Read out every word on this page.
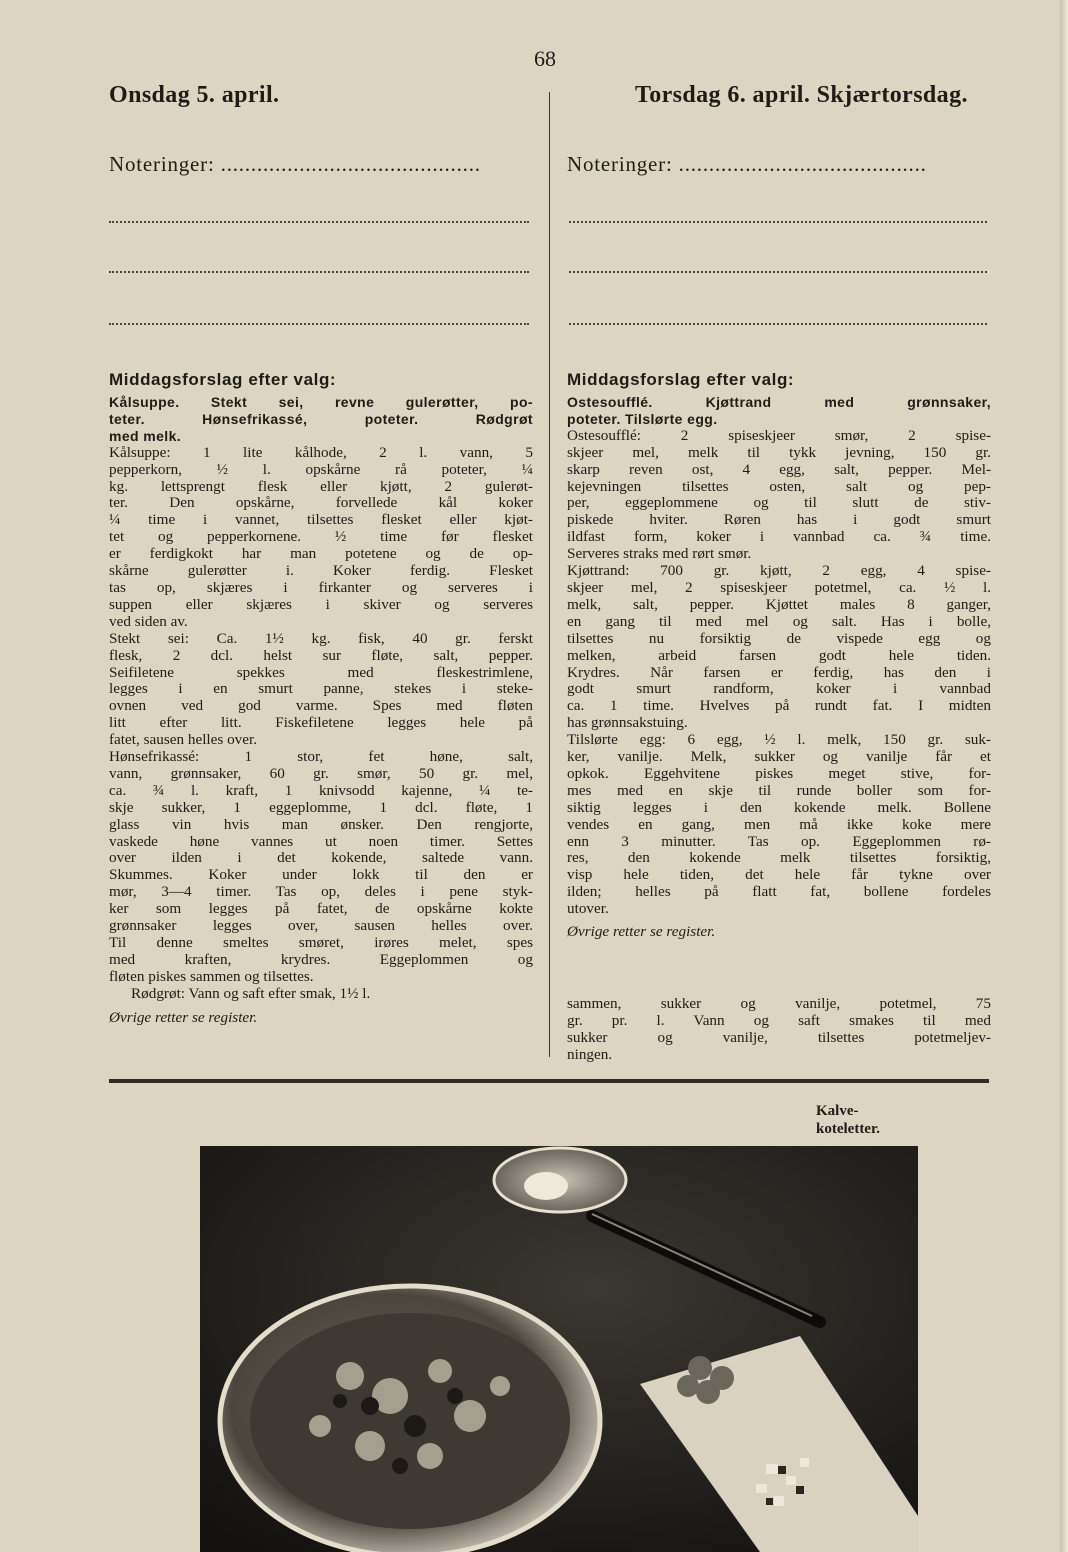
68
Onsdag 5. april.	Torsdag 6. april. Skjærtorsdag.
Noteringer: ...........................................	Noteringer: .........................................
Middagsforslag efter valg:	Middagsforslag efter valg:
Kålsuppe. Stekt sei, revne gulerøtter, po-
teter. Hønsefrikassé, poteter. Rødgrøt
med melk.
Kålsuppe: 1 lite kålhode, 2 l. vann, 5
pepperkorn, ½ l. opskårne rå poteter, ¼
kg. lettsprengt flesk eller kjøtt, 2 gulerøt-
ter. Den opskårne, forvellede kål koker
¼ time i vannet, tilsettes flesket eller kjøt-
tet og pepperkornene. ½ time før flesket
er ferdigkokt har man potetene og de op-
skårne gulerøtter i. Koker ferdig. Flesket
tas op, skjæres i firkanter og serveres i
suppen eller skjæres i skiver og serveres
ved siden av.
Stekt sei: Ca. 1½ kg. fisk, 40 gr. ferskt
flesk, 2 dcl. helst sur fløte, salt, pepper.
Seifiletene spekkes med fleskestrimlene,
legges i en smurt panne, stekes i steke-
ovnen ved god varme. Spes med fløten
litt efter litt. Fiskefiletene legges hele på
fatet, sausen helles over.
Hønsefrikassé: 1 stor, fet høne, salt,
vann, grønnsaker, 60 gr. smør, 50 gr. mel,
ca. ¾ l. kraft, 1 knivsodd kajenne, ¼ te-
skje sukker, 1 eggeplomme, 1 dcl. fløte, 1
glass vin hvis man ønsker. Den rengjorte,
vaskede høne vannes ut noen timer. Settes
over ilden i det kokende, saltede vann.
Skummes. Koker under lokk til den er
mør, 3—4 timer. Tas op, deles i pene styk-
ker som legges på fatet, de opskårne kokte
grønnsaker legges over, sausen helles over.
Til denne smeltes smøret, irøres melet, spes
med kraften, krydres. Eggeplommen og
fløten piskes sammen og tilsettes.
Rødgrøt: Vann og saft efter smak, 1½ l.
Øvrige retter se register.
Ostesoufflé. Kjøttrand med grønnsaker,
poteter. Tilslørte egg.
Ostesoufflé: 2 spiseskjeer smør, 2 spise-
skjeer mel, melk til tykk jevning, 150 gr.
skarp reven ost, 4 egg, salt, pepper. Mel-
kejevningen tilsettes osten, salt og pep-
per, eggeplommene og til slutt de stiv-
piskede hviter. Røren has i godt smurt
ildfast form, koker i vannbad ca. ¾ time.
Serveres straks med rørt smør.
Kjøttrand: 700 gr. kjøtt, 2 egg, 4 spise-
skjeer mel, 2 spiseskjeer potetmel, ca. ½ l.
melk, salt, pepper. Kjøttet males 8 ganger,
en gang til med mel og salt. Has i bolle,
tilsettes nu forsiktig de vispede egg og
melken, arbeid farsen godt hele tiden.
Krydres. Når farsen er ferdig, has den i
godt smurt randform, koker i vannbad
ca. 1 time. Hvelves på rundt fat. I midten
has grønnsakstuing.
Tilslørte egg: 6 egg, ½ l. melk, 150 gr. suk-
ker, vanilje. Melk, sukker og vanilje får et
opkok. Eggehvitene piskes meget stive, for-
mes med en skje til runde boller som for-
siktig legges i den kokende melk. Bollene
vendes en gang, men må ikke koke mere
enn 3 minutter. Tas op. Eggeplommen rø-
res, den kokende melk tilsettes forsiktig,
visp hele tiden, det hele får tykne over
ilden; helles på flatt fat, bollene fordeles
utover.
Øvrige retter se register.
sammen, sukker og vanilje, potetmel, 75
gr. pr. l. Vann og saft smakes til med
sukker og vanilje, tilsettes potetmeljev-
ningen.
Kalve-
koteletter.
